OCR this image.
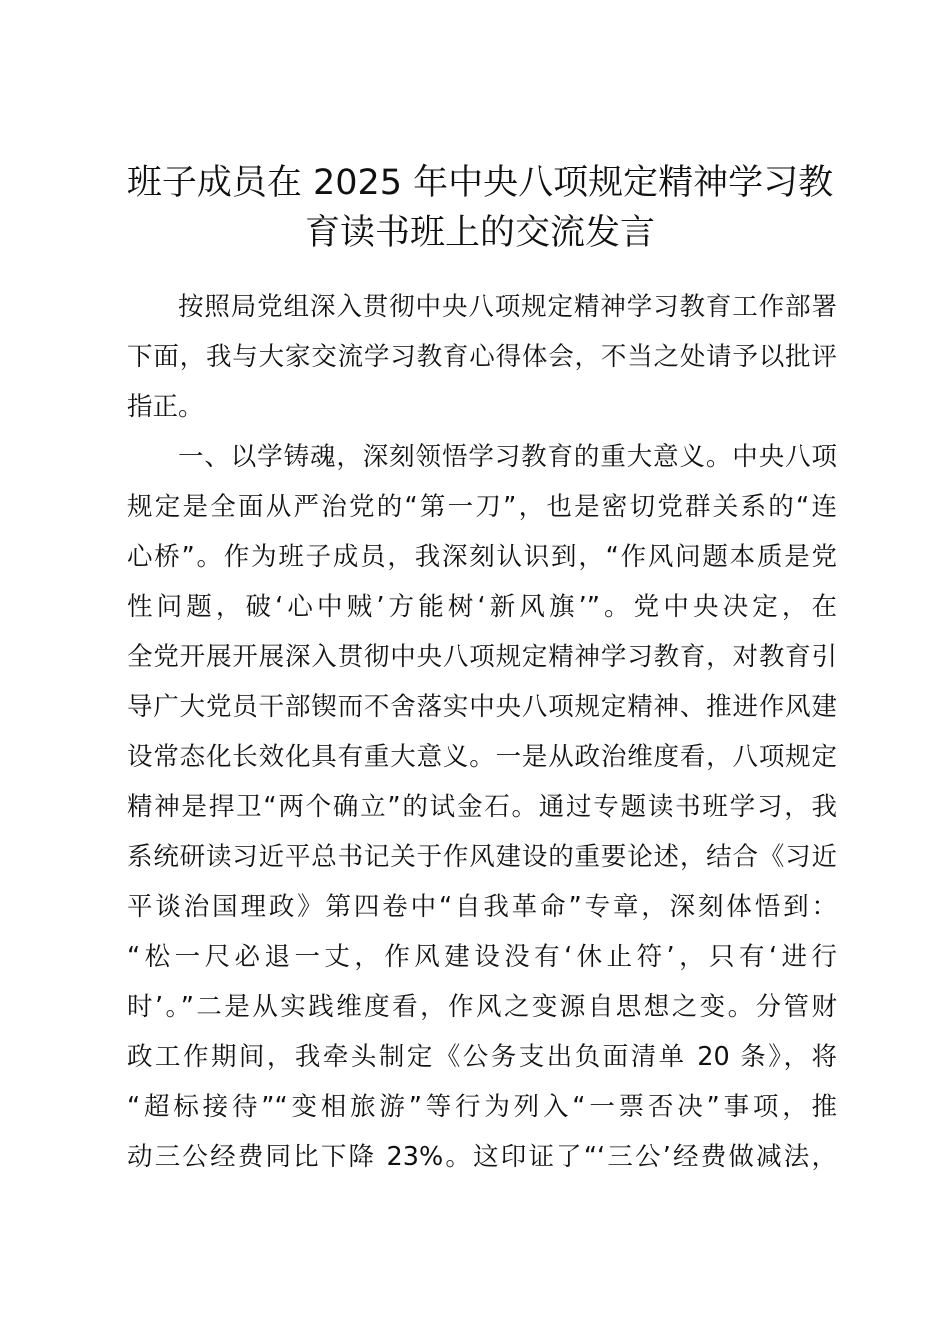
班子成员在 2025 年中央八项规定精神学习教
育读书班上的交流发言
按照局党组深入贯彻中央八项规定精神学习教育工作部署
下面，我与大家交流学习教育心得体会，不当之处请予以批评
指正。
一、以学铸魂，深刻领悟学习教育的重大意义。中央八项
规定是全面从严治党的“第一刀”，也是密切党群关系的“连
心桥”。作为班子成员，我深刻认识到，“作风问题本质是党
性问题，破‘心中贼’方能树‘新风旗’”。党中央决定，在
全党开展开展深入贯彻中央八项规定精神学习教育，对教育引
导广大党员干部锲而不舍落实中央八项规定精神、推进作风建
设常态化长效化具有重大意义。一是从政治维度看，八项规定
精神是捍卫“两个确立”的试金石。通过专题读书班学习，我
系统研读习近平总书记关于作风建设的重要论述，结合《习近
平谈治国理政》第四卷中“自我革命”专章，深刻体悟到：
“松一尺必退一丈，作风建设没有‘休止符’，只有‘进行
时’。”二是从实践维度看，作风之变源自思想之变。分管财
政工作期间，我牵头制定《公务支出负面清单 20 条》，将
“超标接待”“变相旅游”等行为列入“一票否决”事项，推
动三公经费同比下降 23%。这印证了“‘三公’经费做减法，
